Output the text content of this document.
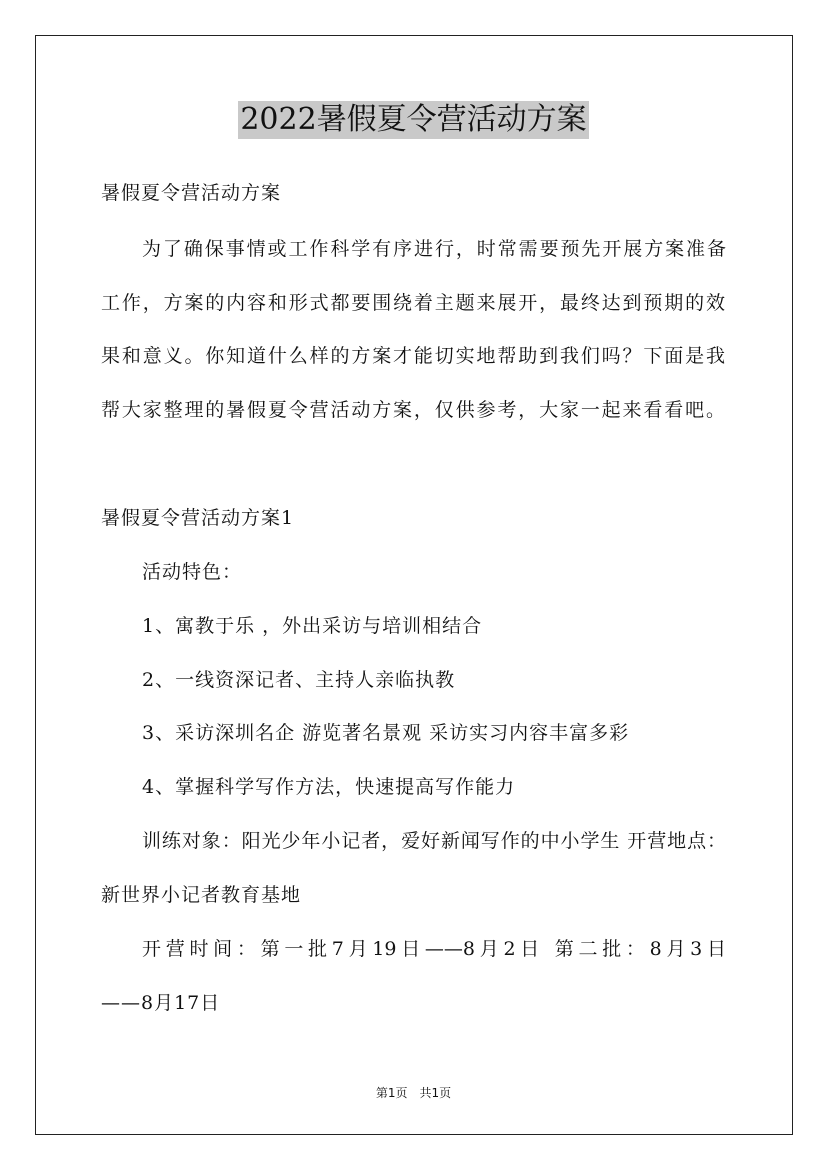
2022暑假夏令营活动方案
暑假夏令营活动方案
为了确保事情或工作科学有序进行，时常需要预先开展方案准备
工作，方案的内容和形式都要围绕着主题来展开，最终达到预期的效
果和意义。你知道什么样的方案才能切实地帮助到我们吗？下面是我
帮大家整理的暑假夏令营活动方案，仅供参考，大家一起来看看吧。
暑假夏令营活动方案1
活动特色：
1、寓教于乐 ，外出采访与培训相结合
2、一线资深记者、主持人亲临执教
3、采访深圳名企 游览著名景观 采访实习内容丰富多彩
4、掌握科学写作方法，快速提高写作能力
训练对象：阳光少年小记者，爱好新闻写作的中小学生 开营地点：
新世界小记者教育基地
开营时间：第一批7月19日——8月2日 第二批：8月3日
——8月17日
第1页　共1页
